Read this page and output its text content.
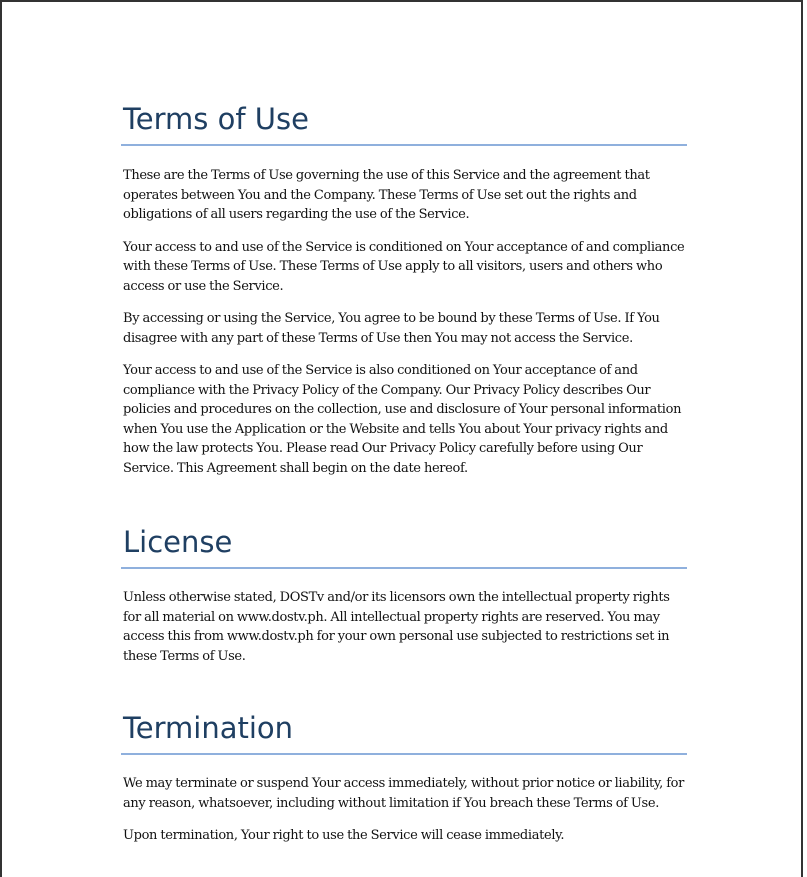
Terms of Use

These are the Terms of Use governing the use of this Service and the agreement that operates between You and the Company. These Terms of Use set out the rights and obligations of all users regarding the use of the Service.

Your access to and use of the Service is conditioned on Your acceptance of and compliance with these Terms of Use. These Terms of Use apply to all visitors, users and others who access or use the Service.

By accessing or using the Service, You agree to be bound by these Terms of Use. If You disagree with any part of these Terms of Use then You may not access the Service.

Your access to and use of the Service is also conditioned on Your acceptance of and compliance with the Privacy Policy of the Company. Our Privacy Policy describes Our policies and procedures on the collection, use and disclosure of Your personal information when You use the Application or the Website and tells You about Your privacy rights and how the law protects You. Please read Our Privacy Policy carefully before using Our Service. This Agreement shall begin on the date hereof.

License

Unless otherwise stated, DOSTv and/or its licensors own the intellectual property rights for all material on www.dostv.ph. All intellectual property rights are reserved. You may access this from www.dostv.ph for your own personal use subjected to restrictions set in these Terms of Use.

Termination

We may terminate or suspend Your access immediately, without prior notice or liability, for any reason, whatsoever, including without limitation if You breach these Terms of Use.

Upon termination, Your right to use the Service will cease immediately.
